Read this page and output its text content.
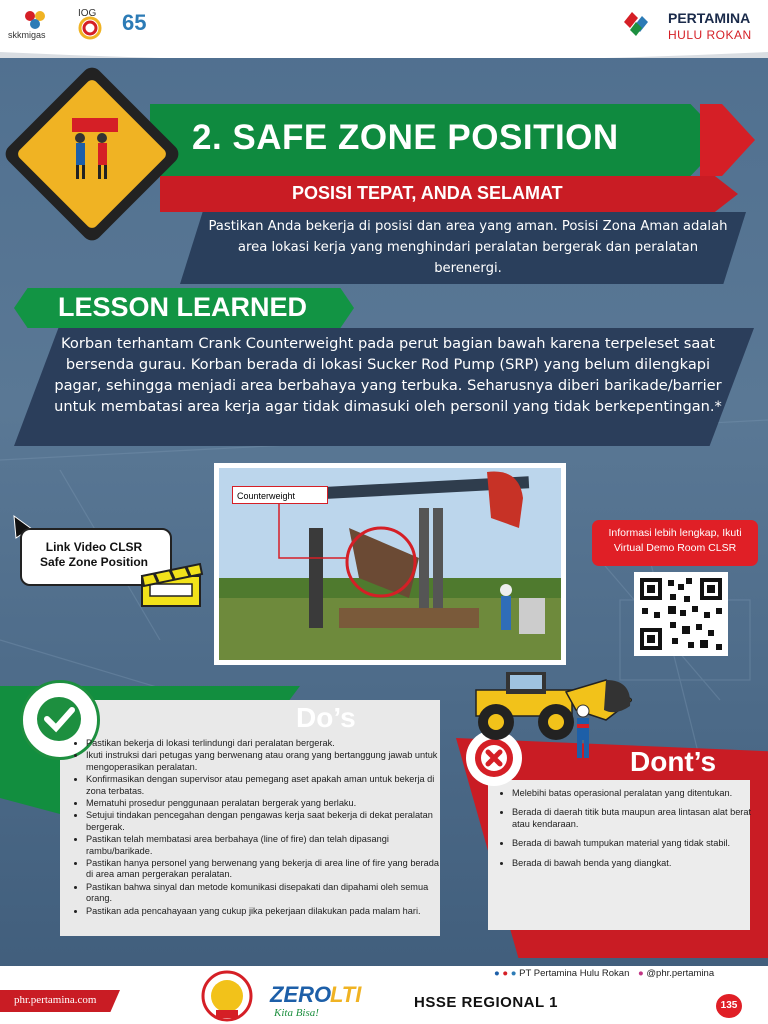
skkmigas
IOG 65	PERTAMINA
HULU ROKAN
2. SAFE ZONE POSITION
POSISI TEPAT, ANDA SELAMAT
Pastikan Anda bekerja di posisi dan area yang aman. Posisi Zona Aman adalah area lokasi kerja yang menghindari peralatan bergerak dan peralatan berenergi.
LESSON LEARNED
Korban terhantam Crank Counterweight pada perut bagian bawah karena terpeleset saat bersenda gurau. Korban berada di lokasi Sucker Rod Pump (SRP) yang belum dilengkapi pagar, sehingga menjadi area berbahaya yang terbuka. Seharusnya diberi barikade/barrier untuk membatasi area kerja agar tidak dimasuki oleh personil yang tidak berkepentingan.*
Counterweight
Link Video CLSR
Safe Zone Position
Informasi lebih lengkap, Ikuti Virtual Demo Room CLSR
Do’s
• Pastikan bekerja di lokasi terlindungi dari peralatan bergerak.
• Ikuti instruksi dari petugas yang berwenang atau orang yang bertanggung jawab untuk mengoperasikan peralatan.
• Konfirmasikan dengan supervisor atau pemegang aset apakah aman untuk bekerja di zona terbatas.
• Mematuhi prosedur penggunaan peralatan bergerak yang berlaku.
• Setujui tindakan pencegahan dengan pengawas kerja saat bekerja di dekat peralatan bergerak.
• Pastikan telah membatasi area berbahaya (line of fire) dan telah dipasangi rambu/barikade.
• Pastikan hanya personel yang berwenang yang bekerja di area line of fire yang berada di area aman pergerakan peralatan.
• Pastikan bahwa sinyal dan metode komunikasi disepakati dan dipahami oleh semua orang.
• Pastikan ada pencahayaan yang cukup jika pekerjaan dilakukan pada malam hari.
Dont’s
• Melebihi batas operasional peralatan yang ditentukan.
• Berada di daerah titik buta maupun area lintasan alat berat atau kendaraan.
• Berada di bawah tumpukan material yang tidak stabil.
• Berada di bawah benda yang diangkat.
phr.pertamina.com	ZERO
LTI
Kita Bisa!
● ● ● PT Pertamina Hulu Rokan ● @phr.pertamina
HSSE REGIONAL 1	135
